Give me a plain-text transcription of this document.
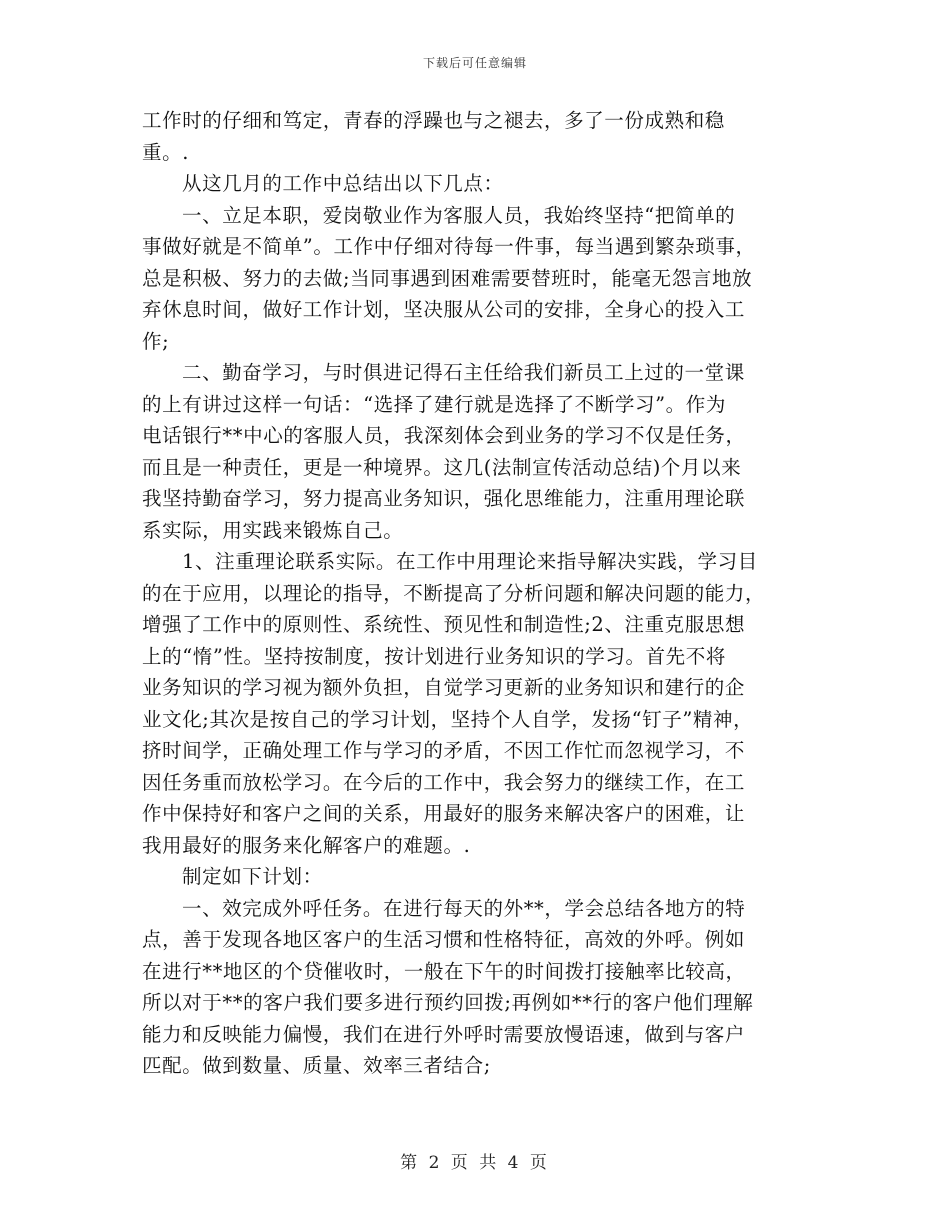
下载后可任意编辑
工作时的仔细和笃定，青春的浮躁也与之褪去，多了一份成熟和稳
重。.
从这几月的工作中总结出以下几点：
一、立足本职，爱岗敬业作为客服人员，我始终坚持“把简单的
事做好就是不简单”。工作中仔细对待每一件事，每当遇到繁杂琐事，
总是积极、努力的去做;当同事遇到困难需要替班时，能毫无怨言地放
弃休息时间，做好工作计划，坚决服从公司的安排，全身心的投入工
作;
二、勤奋学习，与时俱进记得石主任给我们新员工上过的一堂课
的上有讲过这样一句话：“选择了建行就是选择了不断学习”。作为
电话银行**中心的客服人员，我深刻体会到业务的学习不仅是任务，
而且是一种责任，更是一种境界。这几(法制宣传活动总结)个月以来
我坚持勤奋学习，努力提高业务知识，强化思维能力，注重用理论联
系实际，用实践来锻炼自己。
1、注重理论联系实际。在工作中用理论来指导解决实践，学习目
的在于应用，以理论的指导，不断提高了分析问题和解决问题的能力，
增强了工作中的原则性、系统性、预见性和制造性;2、注重克服思想
上的“惰”性。坚持按制度，按计划进行业务知识的学习。首先不将
业务知识的学习视为额外负担，自觉学习更新的业务知识和建行的企
业文化;其次是按自己的学习计划，坚持个人自学，发扬“钉子”精神，
挤时间学，正确处理工作与学习的矛盾，不因工作忙而忽视学习，不
因任务重而放松学习。在今后的工作中，我会努力的继续工作，在工
作中保持好和客户之间的关系，用最好的服务来解决客户的困难，让
我用最好的服务来化解客户的难题。.
制定如下计划：
一、效完成外呼任务。在进行每天的外**，学会总结各地方的特
点，善于发现各地区客户的生活习惯和性格特征，高效的外呼。例如
在进行**地区的个贷催收时，一般在下午的时间拨打接触率比较高，
所以对于**的客户我们要多进行预约回拨;再例如**行的客户他们理解
能力和反映能力偏慢，我们在进行外呼时需要放慢语速，做到与客户
匹配。做到数量、质量、效率三者结合;
第 2 页 共 4 页
